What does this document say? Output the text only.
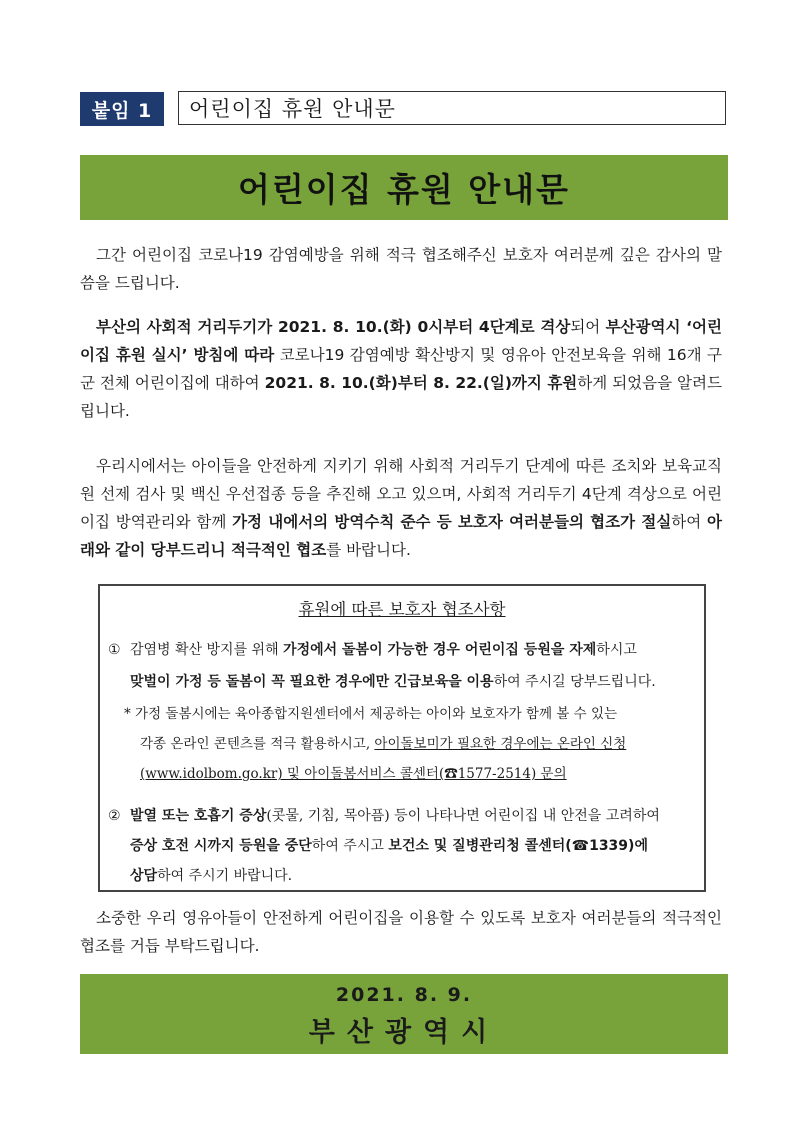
붙임 1	어린이집 휴원 안내문
어린이집 휴원 안내문
그간 어린이집 코로나19 감염예방을 위해 적극 협조해주신 보호자 여러분께 깊은 감사의 말씀을 드립니다.
부산의 사회적 거리두기가 2021. 8. 10.(화) 0시부터 4단계로 격상되어 부산광역시 ‘어린이집 휴원 실시’ 방침에 따라 코로나19 감염예방 확산방지 및 영유아 안전보육을 위해 16개 구군 전체 어린이집에 대하여 2021. 8. 10.(화)부터 8. 22.(일)까지 휴원하게 되었음을 알려드립니다.
우리시에서는 아이들을 안전하게 지키기 위해 사회적 거리두기 단계에 따른 조치와 보육교직원 선제 검사 및 백신 우선접종 등을 추진해 오고 있으며, 사회적 거리두기 4단계 격상으로 어린이집 방역관리와 함께 가정 내에서의 방역수칙 준수 등 보호자 여러분들의 협조가 절실하여 아래와 같이 당부드리니 적극적인 협조를 바랍니다.
휴원에 따른 보호자 협조사항
① 감염병 확산 방지를 위해 가정에서 돌봄이 가능한 경우 어린이집 등원을 자제하시고
맞벌이 가정 등 돌봄이 꼭 필요한 경우에만 긴급보육을 이용하여 주시길 당부드립니다.
* 가정 돌봄시에는 육아종합지원센터에서 제공하는 아이와 보호자가 함께 볼 수 있는
각종 온라인 콘텐츠를 적극 활용하시고, 아이돌보미가 필요한 경우에는 온라인 신청
(www.idolbom.go.kr) 및 아이돌봄서비스 콜센터(☎1577-2514) 문의
② 발열 또는 호흡기 증상(콧물, 기침, 목아픔) 등이 나타나면 어린이집 내 안전을 고려하여
증상 호전 시까지 등원을 중단하여 주시고 보건소 및 질병관리청 콜센터(☎1339)에
상담하여 주시기 바랍니다.
소중한 우리 영유아들이 안전하게 어린이집을 이용할 수 있도록 보호자 여러분들의 적극적인 협조를 거듭 부탁드립니다.
2021. 8. 9.
부산광역시
